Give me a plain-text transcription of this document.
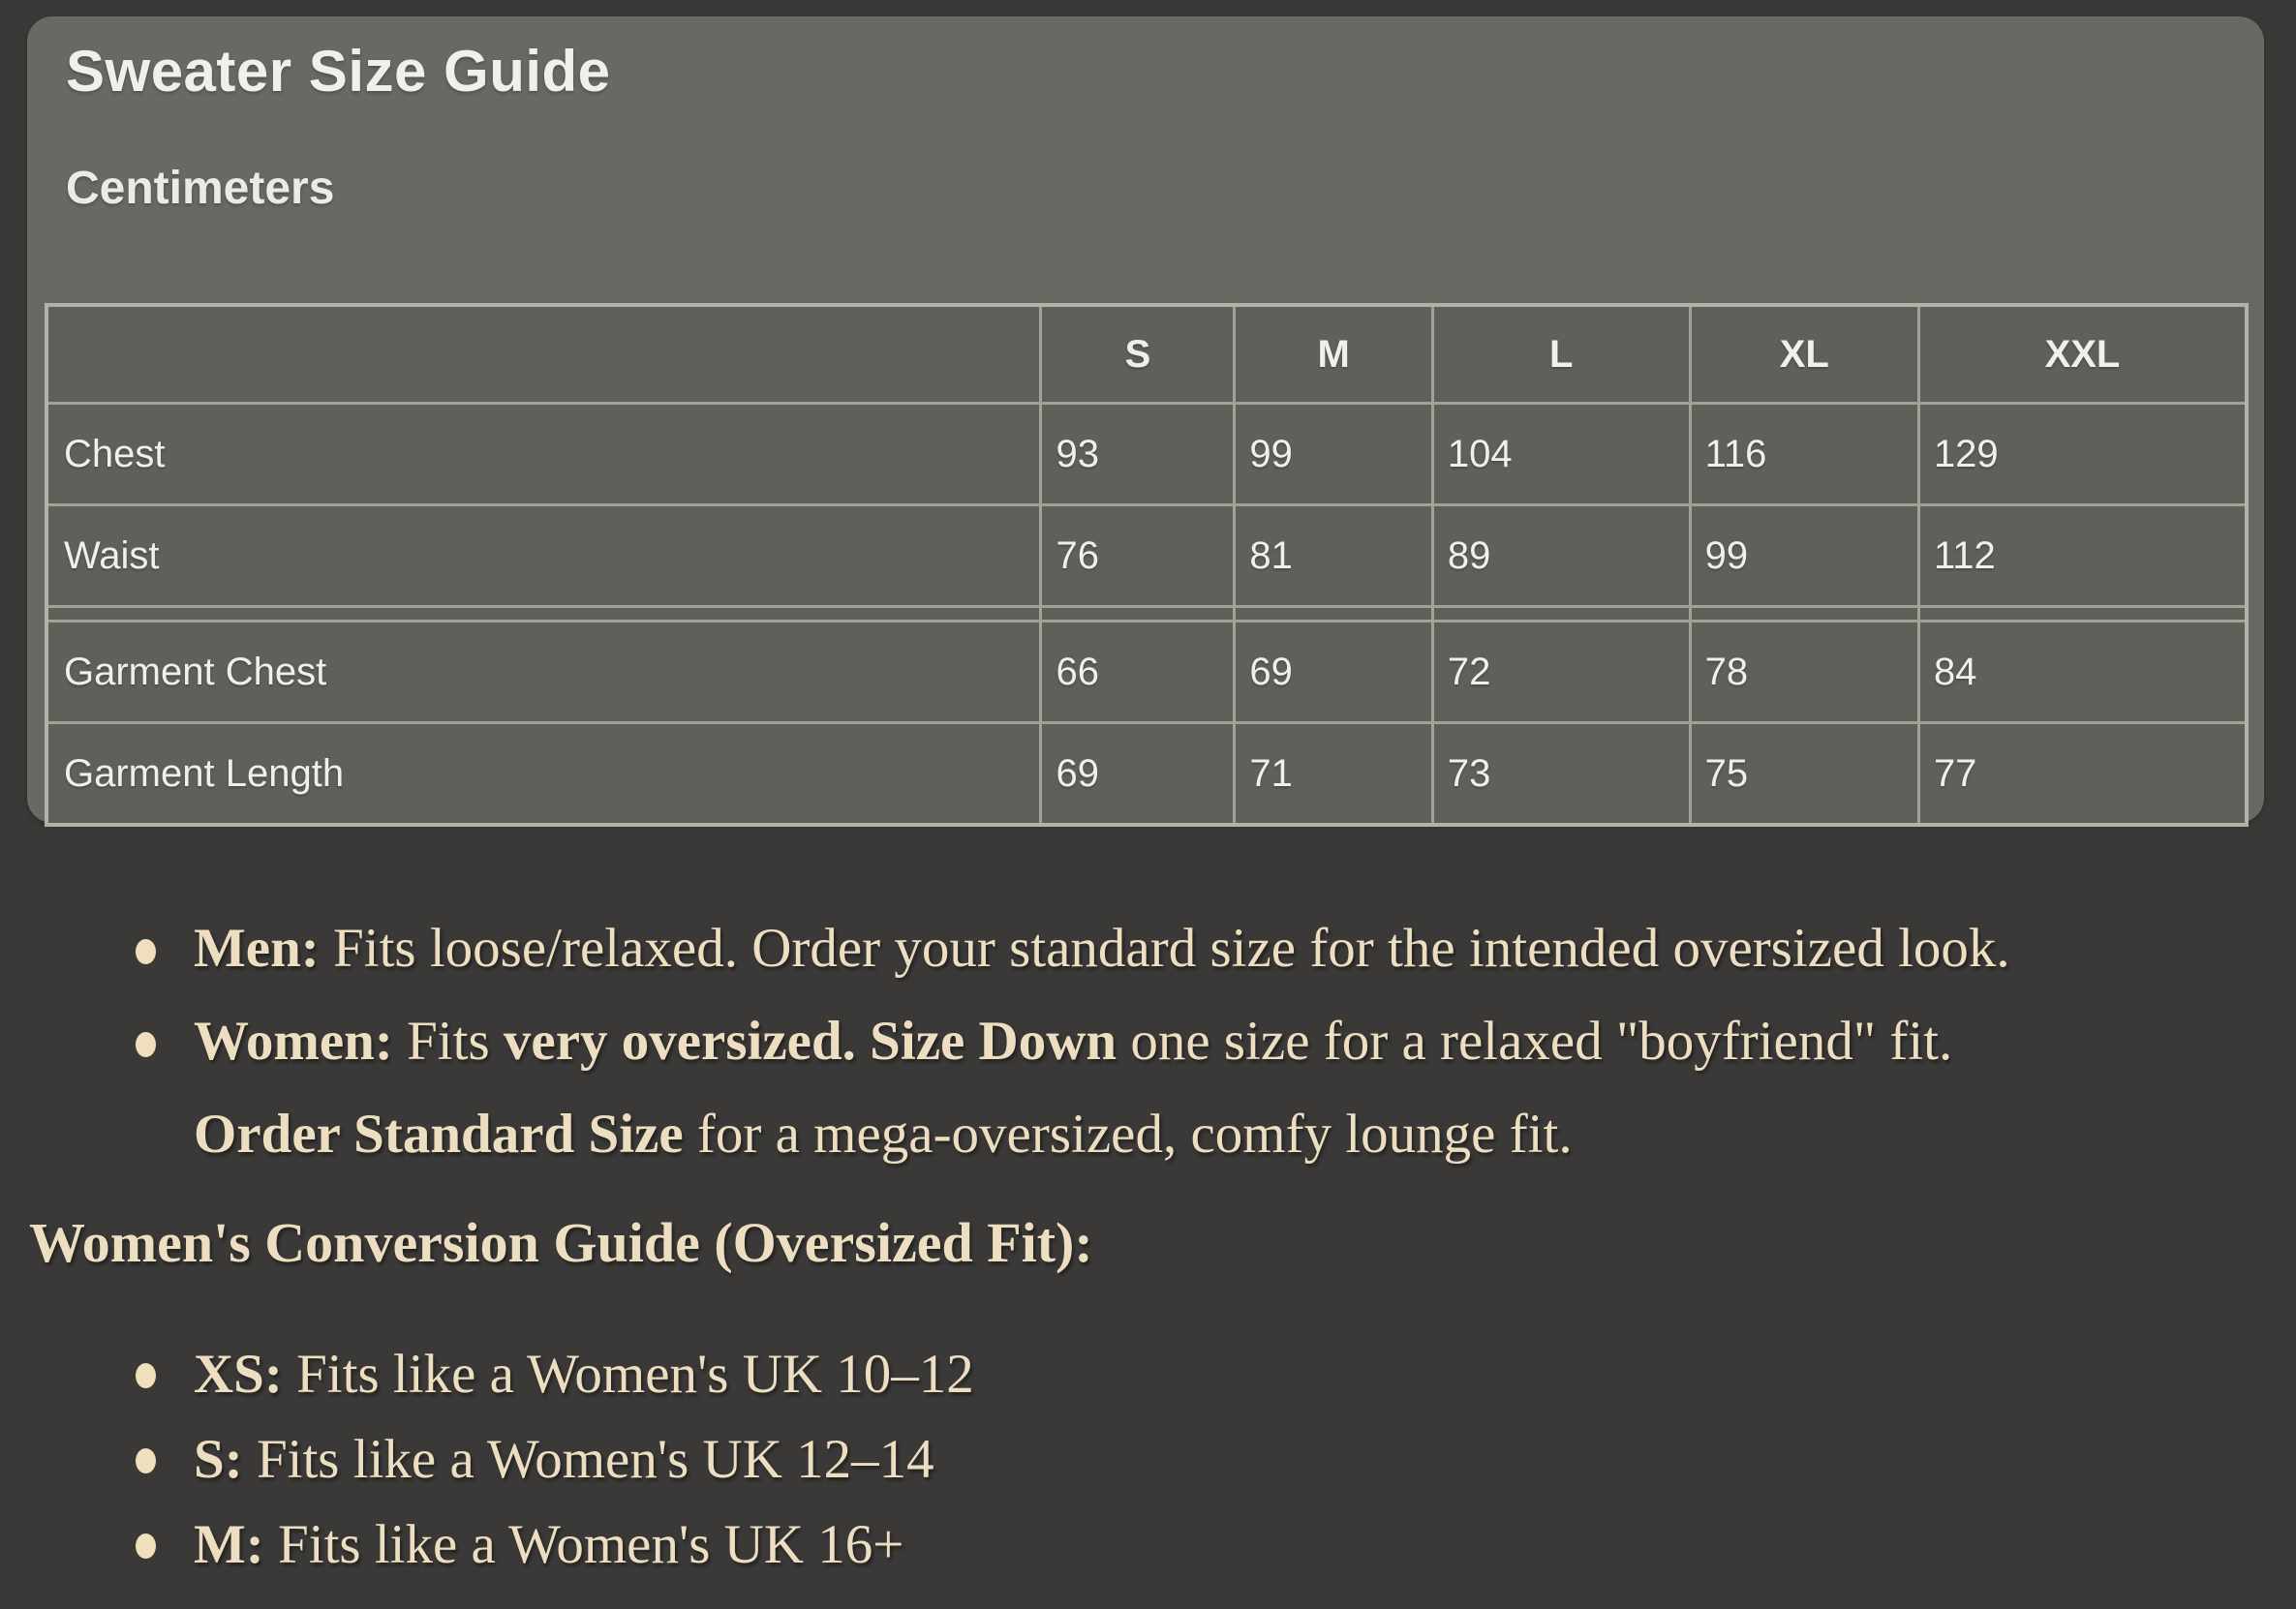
Sweater Size Guide
Centimeters
	S	M	L	XL	XXL
Chest	93	99	104	116	129
Waist	76	81	89	99	112

Garment Chest	66	69	72	78	84
Garment Length	69	71	73	75	77
Men: Fits loose/relaxed. Order your standard size for the intended oversized look.
Women: Fits very oversized. Size Down one size for a relaxed "boyfriend" fit.
Order Standard Size for a mega-oversized, comfy lounge fit.
Women's Conversion Guide (Oversized Fit):
XS: Fits like a Women's UK 10–12
S: Fits like a Women's UK 12–14
M: Fits like a Women's UK 16+
